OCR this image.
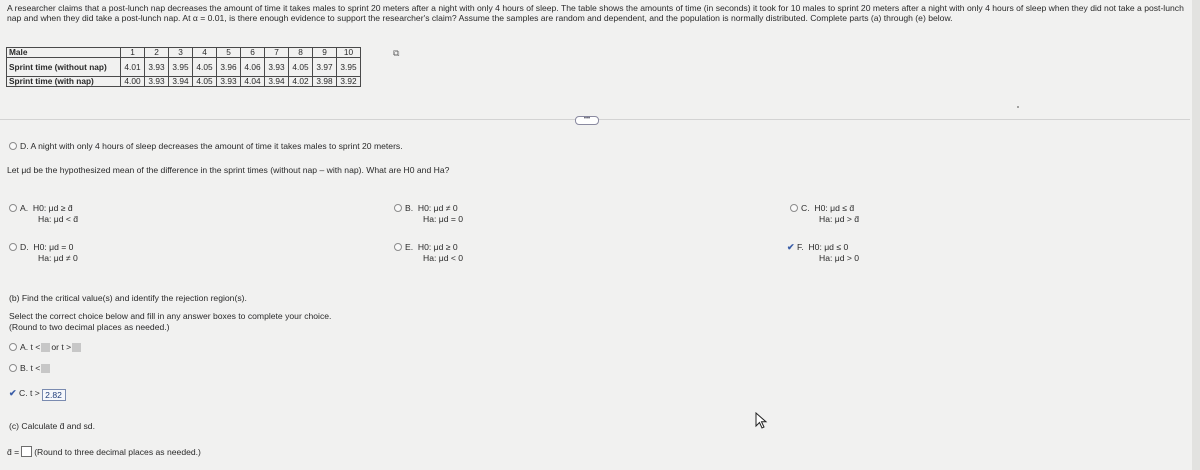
A researcher claims that a post-lunch nap decreases the amount of time it takes males to sprint 20 meters after a night with only 4 hours of sleep. The table shows the amounts of time (in seconds) it took for 10 males to sprint 20 meters after a night with only 4 hours of sleep when they did not take a post-lunch nap and when they did take a post-lunch nap. At α = 0.01, is there enough evidence to support the researcher's claim? Assume the samples are random and dependent, and the population is normally distributed. Complete parts (a) through (e) below.
Male	1	2	3	4	5	6	7	8	9	10
Sprint time (without nap)	4.01	3.93	3.95	4.05	3.96	4.06	3.93	4.05	3.97	3.95
Sprint time (with nap)	4.00	3.93	3.94	4.05	3.93	4.04	3.94	4.02	3.98	3.92
⧉
•••
D. A night with only 4 hours of sleep decreases the amount of time it takes males to sprint 20 meters.
Let μd be the hypothesized mean of the difference in the sprint times (without nap – with nap). What are H0 and Ha?
A. H0: μd ≥ d̄
Ha: μd < d̄
B. H0: μd ≠ 0
Ha: μd = 0
C. H0: μd ≤ d̄
Ha: μd > d̄
D. H0: μd = 0
Ha: μd ≠ 0
E. H0: μd ≥ 0
Ha: μd < 0
✔ F. H0: μd ≤ 0
Ha: μd > 0
(b) Find the critical value(s) and identify the rejection region(s).
Select the correct choice below and fill in any answer boxes to complete your choice.
(Round to two decimal places as needed.)
A. t < or t >
B. t <
✔ C. t > 2.82
(c) Calculate d̄ and sd.
d̄ = (Round to three decimal places as needed.)
